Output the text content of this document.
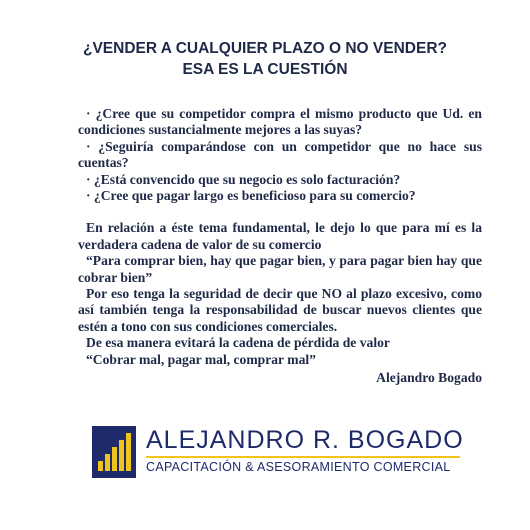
¿VENDER A CUALQUIER PLAZO O NO VENDER?
ESA ES LA CUESTIÓN

· ¿Cree que su competidor compra el mismo producto que Ud. en condiciones sustancialmente mejores a las suyas?

· ¿Seguiría comparándose con un competidor que no hace sus cuentas?

· ¿Está convencido que su negocio es solo facturación?

· ¿Cree que pagar largo es beneficioso para su comercio?

En relación a éste tema fundamental, le dejo lo que para mí es la verdadera cadena de valor de su comercio

“Para comprar bien, hay que pagar bien, y para pagar bien hay que cobrar bien”

Por eso tenga la seguridad de decir que NO al plazo excesivo, como así también tenga la responsabilidad de buscar nuevos clientes que estén a tono con sus condiciones comerciales.

De esa manera evitará la cadena de pérdida de valor

“Cobrar mal, pagar mal, comprar mal”

Alejandro Bogado
ALEJANDRO R. BOGADO
CAPACITACIÓN & ASESORAMIENTO COMERCIAL
